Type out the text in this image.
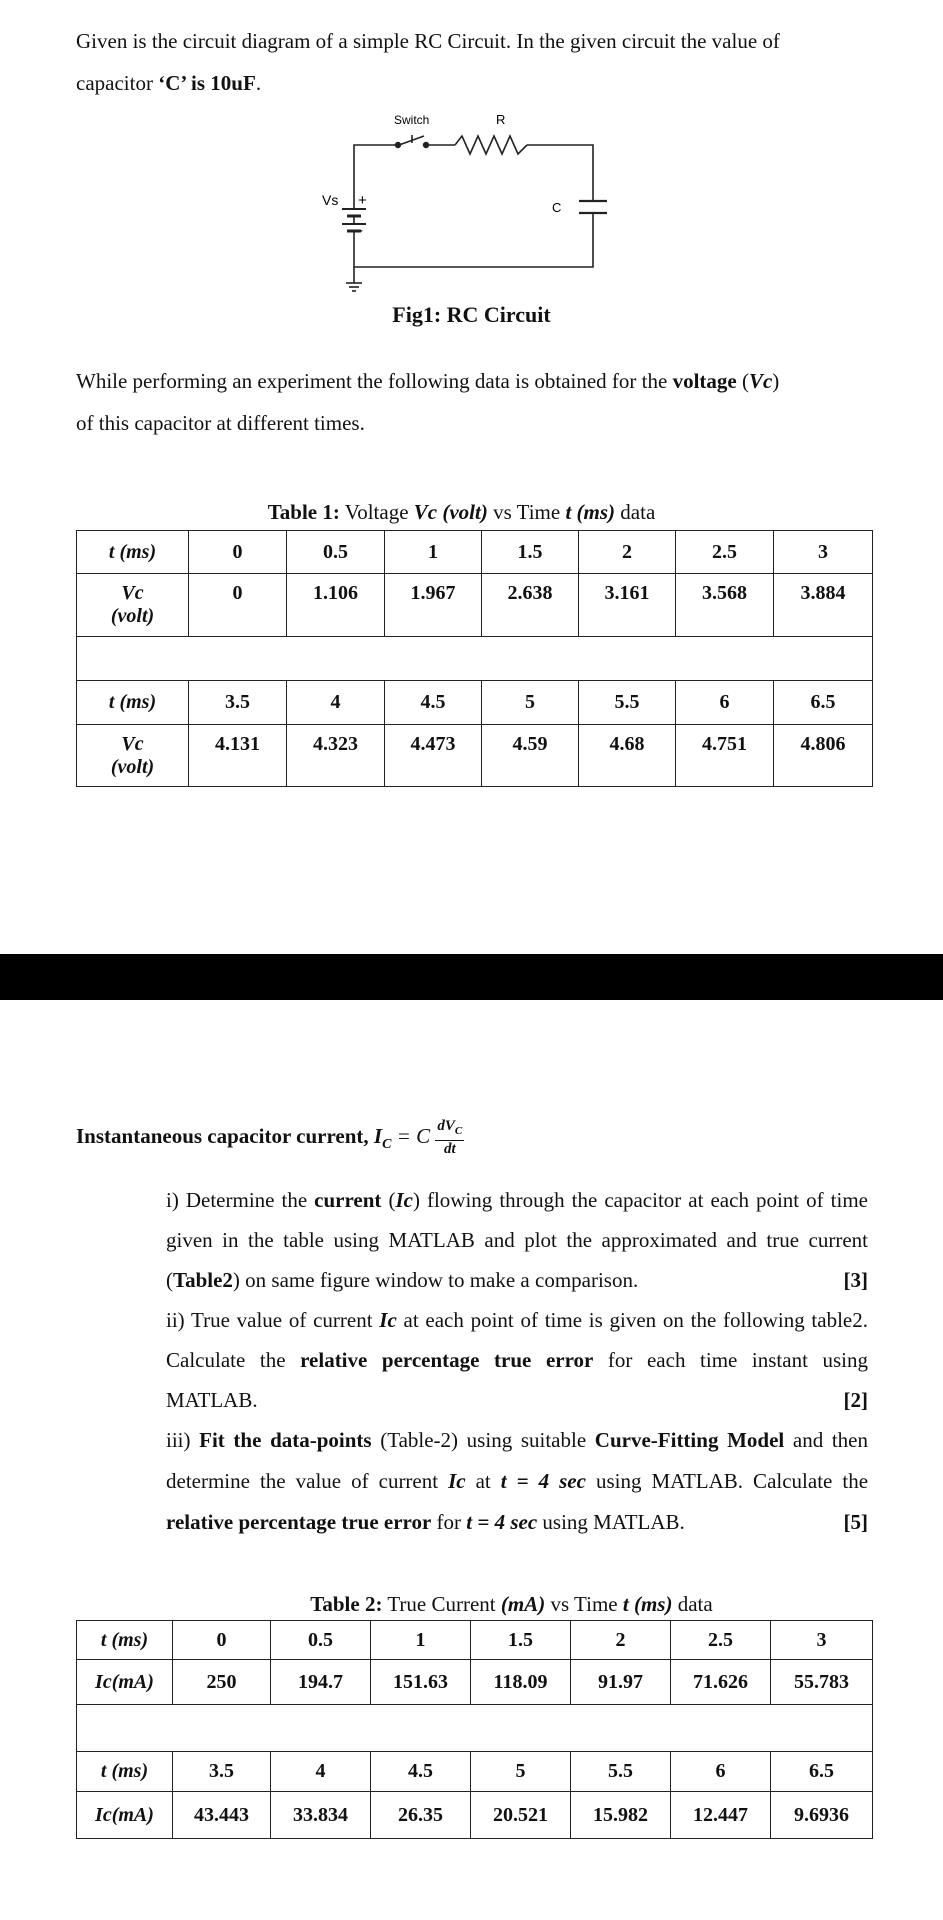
Given is the circuit diagram of a simple RC Circuit. In the given circuit the value of
capacitor ‘C’ is 10uF.
Switch	R
Vs +
-
C
Fig1: RC Circuit
While performing an experiment the following data is obtained for the voltage (Vc)
of this capacitor at different times.
Table 1: Voltage Vc (volt) vs Time t (ms) data
t (ms)	0	0.5	1	1.5	2	2.5	3
Vc
(volt)	0	1.106	1.967	2.638	3.161	3.568	3.884

t (ms)	3.5	4	4.5	5	5.5	6	6.5
Vc
(volt)	4.131	4.323	4.473	4.59	4.68	4.751	4.806
Instantaneous capacitor current, $I_C = C \frac{dV_C}{dt}$
i) Determine the current (Ic) flowing through the capacitor at each point of time given in the table using MATLAB and plot the approximated and true current (Table2) on same figure window to make a comparison.	[3]
ii) True value of current Ic at each point of time is given on the following table2. Calculate the relative percentage true error for each time instant using MATLAB.	[2]
iii) Fit the data-points (Table-2) using suitable Curve-Fitting Model and then determine the value of current Ic at t = 4 sec using MATLAB. Calculate the relative percentage true error for t = 4 sec using MATLAB.	[5]
Table 2: True Current (mA) vs Time t (ms) data
t (ms)	0	0.5	1	1.5	2	2.5	3
Ic(mA)	250	194.7	151.63	118.09	91.97	71.626	55.783

t (ms)	3.5	4	4.5	5	5.5	6	6.5
Ic(mA)	43.443	33.834	26.35	20.521	15.982	12.447	9.6936
